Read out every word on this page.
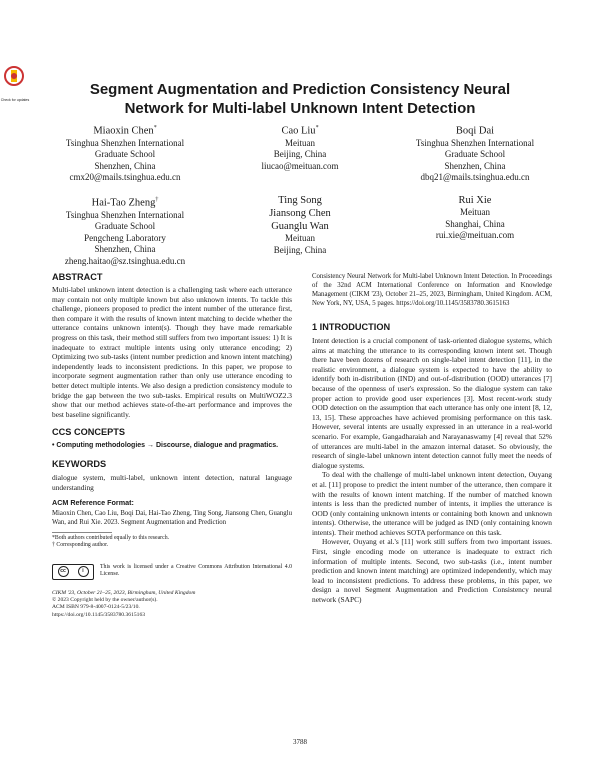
Check for updates
Segment Augmentation and Prediction Consistency Neural
Network for Multi-label Unknown Intent Detection
Miaoxin Chen*
Tsinghua Shenzhen International
Graduate School
Shenzhen, China
cmx20@mails.tsinghua.edu.cn
Cao Liu*
Meituan
Beijing, China
liucao@meituan.com
Boqi Dai
Tsinghua Shenzhen International
Graduate School
Shenzhen, China
dbq21@mails.tsinghua.edu.cn
Hai-Tao Zheng†
Tsinghua Shenzhen International
Graduate School
Pengcheng Laboratory
Shenzhen, China
zheng.haitao@sz.tsinghua.edu.cn
Ting Song
Jiansong Chen
Guanglu Wan
Meituan
Beijing, China
Rui Xie
Meituan
Shanghai, China
rui.xie@meituan.com
ABSTRACT

Multi-label unknown intent detection is a challenging task where each utterance may contain not only multiple known but also unknown intents. To tackle this challenge, pioneers proposed to predict the intent number of the utterance first, then compare it with the results of known intent matching to decide whether the utterance contains unknown intent(s). Though they have made remarkable progress on this task, their method still suffers from two important issues: 1) It is inadequate to extract multiple intents using only utterance encoding; 2) Optimizing two sub-tasks (intent number prediction and known intent matching) independently leads to inconsistent predictions. In this paper, we propose to incorporate segment augmentation rather than only use utterance encoding to better detect multiple intents. We also design a prediction consistency module to bridge the gap between the two sub-tasks. Empirical results on MultiWOZ2.3 show that our method achieves state-of-the-art performance and improves the best baseline significantly.

CCS CONCEPTS

• Computing methodologies → Discourse, dialogue and pragmatics.

KEYWORDS

dialogue system, multi-label, unknown intent detection, natural language understanding

ACM Reference Format:

Miaoxin Chen, Cao Liu, Boqi Dai, Hai-Tao Zheng, Ting Song, Jiansong Chen, Guanglu Wan, and Rui Xie. 2023. Segment Augmentation and Prediction

*Both authors contributed equally to this research.
† Corresponding author.
cc	i
This work is licensed under a Creative Commons Attribution International 4.0 License.
CIKM '23, October 21–25, 2023, Birmingham, United Kingdom
© 2023 Copyright held by the owner/author(s).
ACM ISBN 979-8-4007-0124-5/23/10.
https://doi.org/10.1145/3583780.3615163

Consistency Neural Network for Multi-label Unknown Intent Detection. In Proceedings of the 32nd ACM International Conference on Information and Knowledge Management (CIKM '23), October 21–25, 2023, Birmingham, United Kingdom. ACM, New York, NY, USA, 5 pages. https://doi.org/10.1145/3583780.3615163

1 INTRODUCTION

Intent detection is a crucial component of task-oriented dialogue systems, which aims at matching the utterance to its corresponding known intent set. Though there have been dozens of research on single-label intent detection [11], in the realistic environment, a dialogue system is expected to have the ability to identify both in-distribution (IND) and out-of-distribution (OOD) utterances [7] because of the openness of user's expression. So the dialogue system can take proper action to provide good user experiences [3]. Most recent-work study OOD detection on the assumption that each utterance has only one intent [8, 12, 13, 15]. These approaches have achieved promising performance on this task. However, several intents are usually expressed in an utterance in a real-world scenario. For example, Gangadharaiah and Narayanaswamy [4] reveal that 52% of utterances are multi-label in the amazon internal dataset. So obviously, the research of single-label unknown intent detection cannot fully meet the needs of dialogue systems.

To deal with the challenge of multi-label unknown intent detection, Ouyang et al. [11] propose to predict the intent number of the utterance, then compare it with the results of known intent matching. If the number of matched known intents is less than the predicted number of intents, it implies the utterance is OOD (only containing unknown intents or containing both known and unknown intents). Otherwise, the utterance will be judged as IND (only containing known intents). Their method achieves SOTA performance on this task.

However, Ouyang et al.'s [11] work still suffers from two important issues. First, single encoding mode on utterance is inadequate to extract rich information of multiple intents. Second, two sub-tasks (i.e., intent number prediction and known intent matching) are optimized independently, which may lead to inconsistent predictions. To address these problems, in this paper, we design a novel Segment Augmentation and Prediction Consistency neural network (SAPC)

3788
